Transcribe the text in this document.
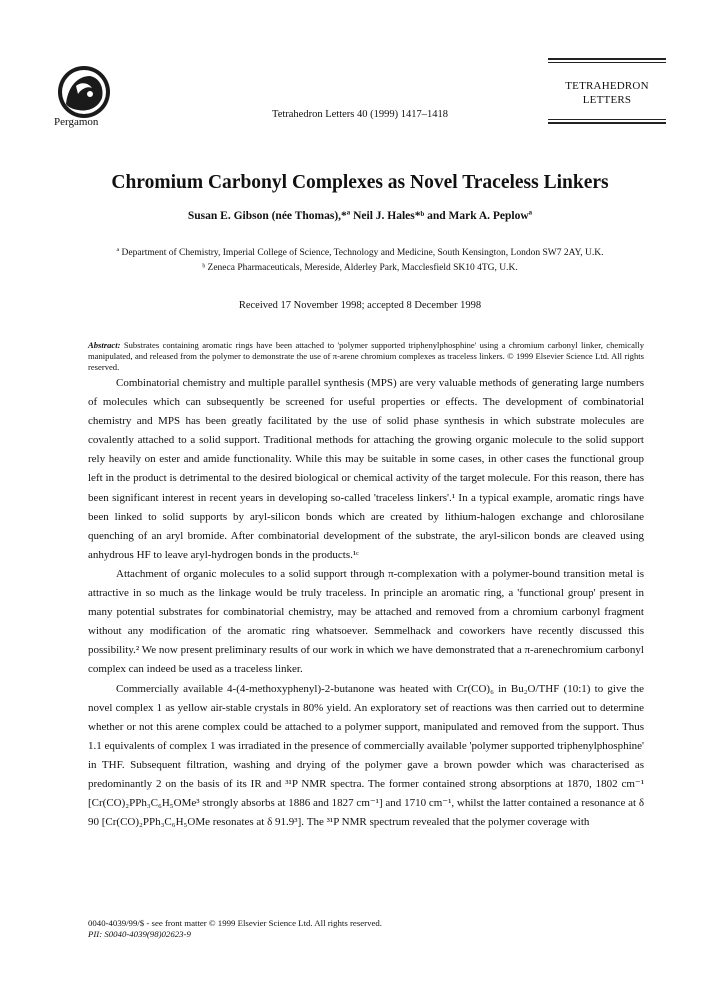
Pergamon
Tetrahedron Letters 40 (1999) 1417–1418
TETRAHEDRON
LETTERS
Chromium Carbonyl Complexes as Novel Traceless Linkers
Susan E. Gibson (née Thomas),*ª Neil J. Hales*ᵇ and Mark A. Peplowª
ª Department of Chemistry, Imperial College of Science, Technology and Medicine, South Kensington, London SW7 2AY, U.K.
ᵇ Zeneca Pharmaceuticals, Mereside, Alderley Park, Macclesfield SK10 4TG, U.K.
Received 17 November 1998; accepted 8 December 1998
Abstract: Substrates containing aromatic rings have been attached to 'polymer supported triphenylphosphine' using a chromium carbonyl linker, chemically manipulated, and released from the polymer to demonstrate the use of π-arene chromium complexes as traceless linkers. © 1999 Elsevier Science Ltd. All rights reserved.

Combinatorial chemistry and multiple parallel synthesis (MPS) are very valuable methods of generating large numbers of molecules which can subsequently be screened for useful properties or effects. The development of combinatorial chemistry and MPS has been greatly facilitated by the use of solid phase synthesis in which substrate molecules are covalently attached to a solid support. Traditional methods for attaching the growing organic molecule to the solid support rely heavily on ester and amide functionality. While this may be suitable in some cases, in other cases the functional group left in the product is detrimental to the desired biological or chemical activity of the target molecule. For this reason, there has been significant interest in recent years in developing so-called 'traceless linkers'.¹ In a typical example, aromatic rings have been linked to solid supports by aryl-silicon bonds which are created by lithium-halogen exchange and chlorosilane quenching of an aryl bromide. After combinatorial development of the substrate, the aryl-silicon bonds are cleaved using anhydrous HF to leave aryl-hydrogen bonds in the products.¹ᶜ

Attachment of organic molecules to a solid support through π-complexation with a polymer-bound transition metal is attractive in so much as the linkage would be truly traceless. In principle an aromatic ring, a 'functional group' present in many potential substrates for combinatorial chemistry, may be attached and removed from a chromium carbonyl fragment without any modification of the aromatic ring whatsoever. Semmelhack and coworkers have recently discussed this possibility.² We now present preliminary results of our work in which we have demonstrated that a π-arenechromium carbonyl complex can indeed be used as a traceless linker.

Commercially available 4-(4-methoxyphenyl)-2-butanone was heated with Cr(CO)₆ in Bu₂O/THF (10:1) to give the novel complex 1 as yellow air-stable crystals in 80% yield. An exploratory set of reactions was then carried out to determine whether or not this arene complex could be attached to a polymer support, manipulated and removed from the support. Thus 1.1 equivalents of complex 1 was irradiated in the presence of commercially available 'polymer supported triphenylphosphine' in THF. Subsequent filtration, washing and drying of the polymer gave a brown powder which was characterised as predominantly 2 on the basis of its IR and ³¹P NMR spectra. The former contained strong absorptions at 1870, 1802 cm⁻¹ [Cr(CO)₂PPh₃C₆H₅OMe³ strongly absorbs at 1886 and 1827 cm⁻¹] and 1710 cm⁻¹, whilst the latter contained a resonance at δ 90 [Cr(CO)₂PPh₃C₆H₅OMe resonates at δ 91.9³]. The ³¹P NMR spectrum revealed that the polymer coverage with

0040-4039/99/$ - see front matter © 1999 Elsevier Science Ltd. All rights reserved.
PII: S0040-4039(98)02623-9
